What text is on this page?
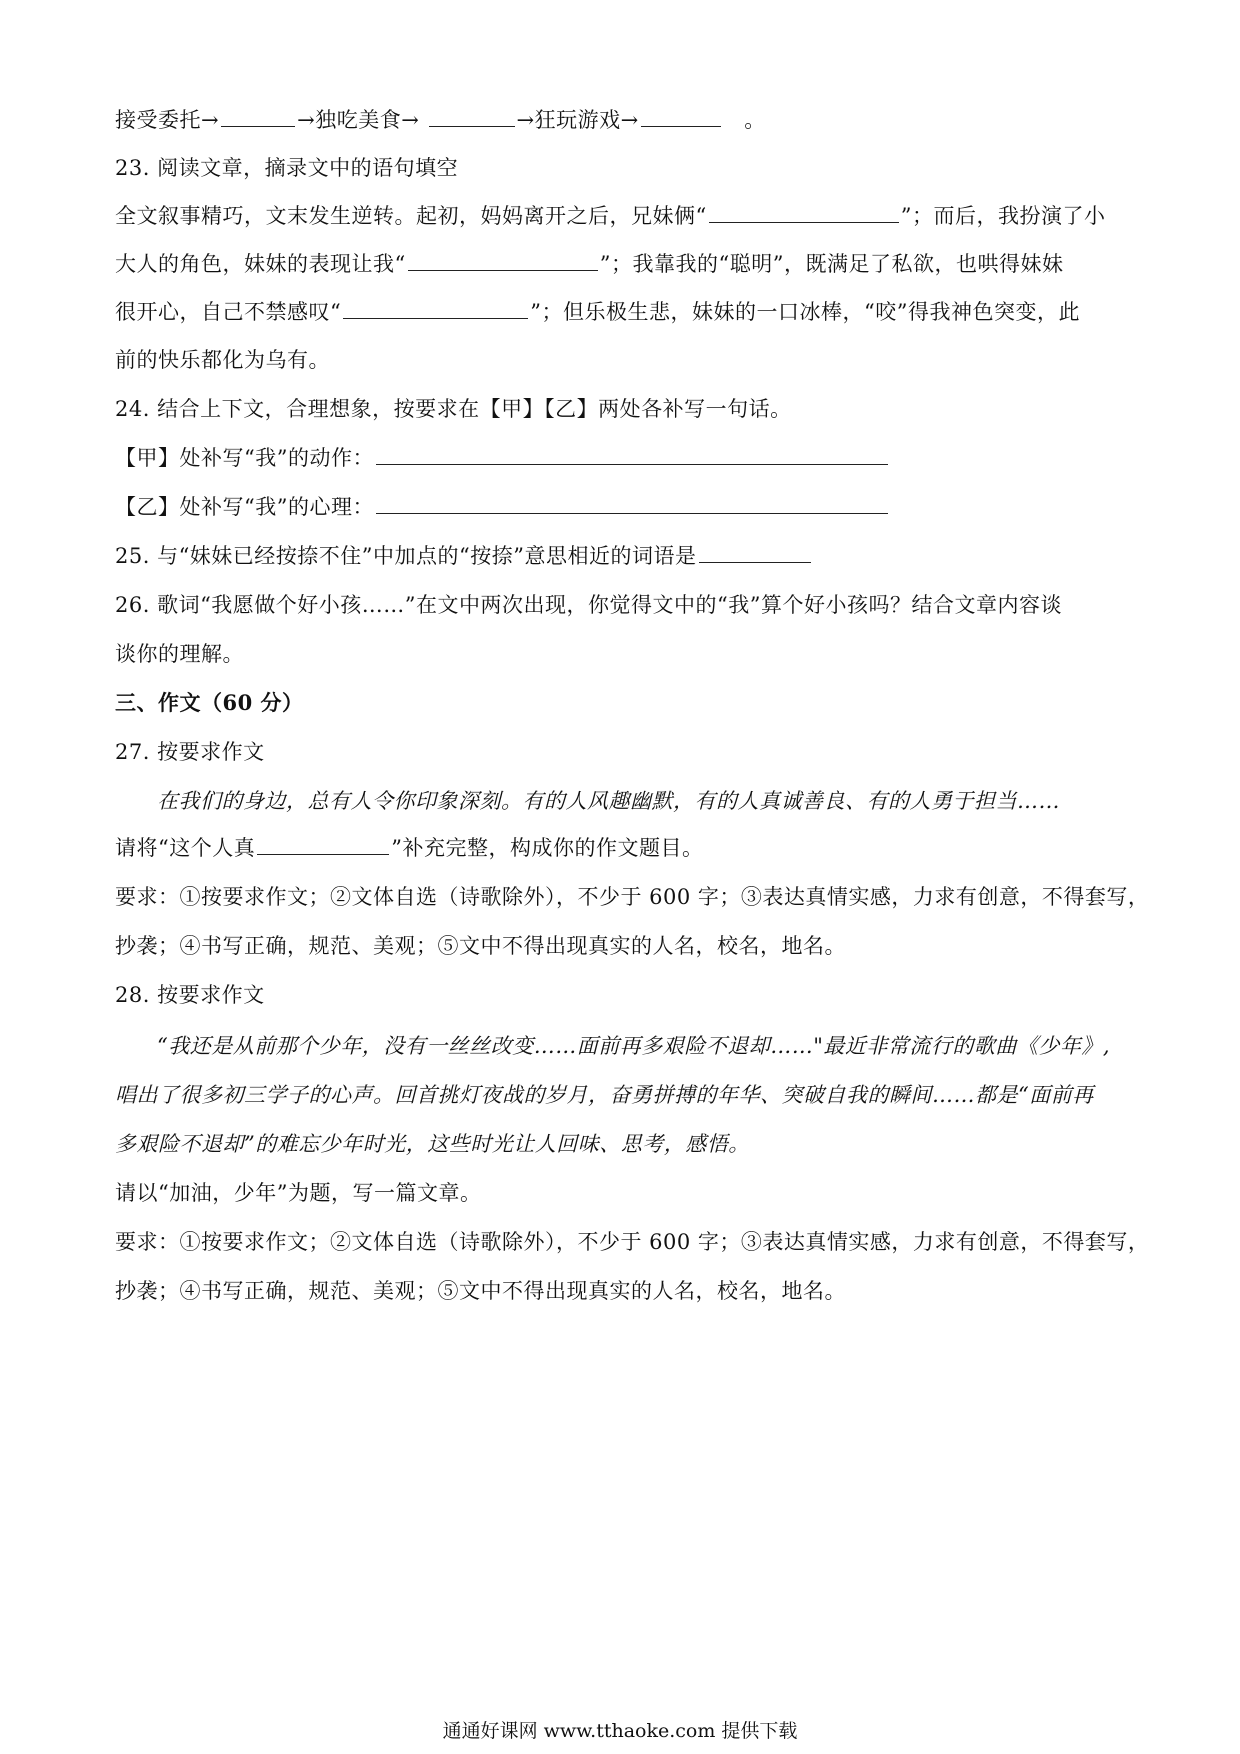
接受委托→	→独吃美食→	→狂玩游戏→	。
23. 阅读文章，摘录文中的语句填空
全文叙事精巧，文末发生逆转。起初，妈妈离开之后，兄妹俩“	”；而后，我扮演了小
大人的角色，妹妹的表现让我“	”；我靠我的“聪明”，既满足了私欲，也哄得妹妹
很开心，自己不禁感叹“	”；但乐极生悲，妹妹的一口冰棒，“咬”得我神色突变，此
前的快乐都化为乌有。
24. 结合上下文，合理想象，按要求在【甲】【乙】两处各补写一句话。
【甲】处补写“我”的动作：
【乙】处补写“我”的心理：
25. 与“妹妹已经按捺不住”中加点的“按捺”意思相近的词语是
26. 歌词“我愿做个好小孩……”在文中两次出现，你觉得文中的“我”算个好小孩吗？结合文章内容谈
谈你的理解。
三、作文（60 分）
27. 按要求作文
在我们的身边，总有人令你印象深刻。有的人风趣幽默，有的人真诚善良、有的人勇于担当……
请将“这个人真	”补充完整，构成你的作文题目。
要求：①按要求作文；②文体自选（诗歌除外），不少于 600 字；③表达真情实感，力求有创意，不得套写，
抄袭；④书写正确，规范、美观；⑤文中不得出现真实的人名，校名，地名。
28. 按要求作文
“我还是从前那个少年，没有一丝丝改变……面前再多艰险不退却……"最近非常流行的歌曲《少年》,
唱出了很多初三学子的心声。回首挑灯夜战的岁月，奋勇拼搏的年华、突破自我的瞬间……都是“面前再
多艰险不退却”的难忘少年时光，这些时光让人回味、思考，感悟。
请以“加油，少年”为题，写一篇文章。
要求：①按要求作文；②文体自选（诗歌除外），不少于 600 字；③表达真情实感，力求有创意，不得套写，
抄袭；④书写正确，规范、美观；⑤文中不得出现真实的人名，校名，地名。
通通好课网 www.tthaoke.com 提供下载
